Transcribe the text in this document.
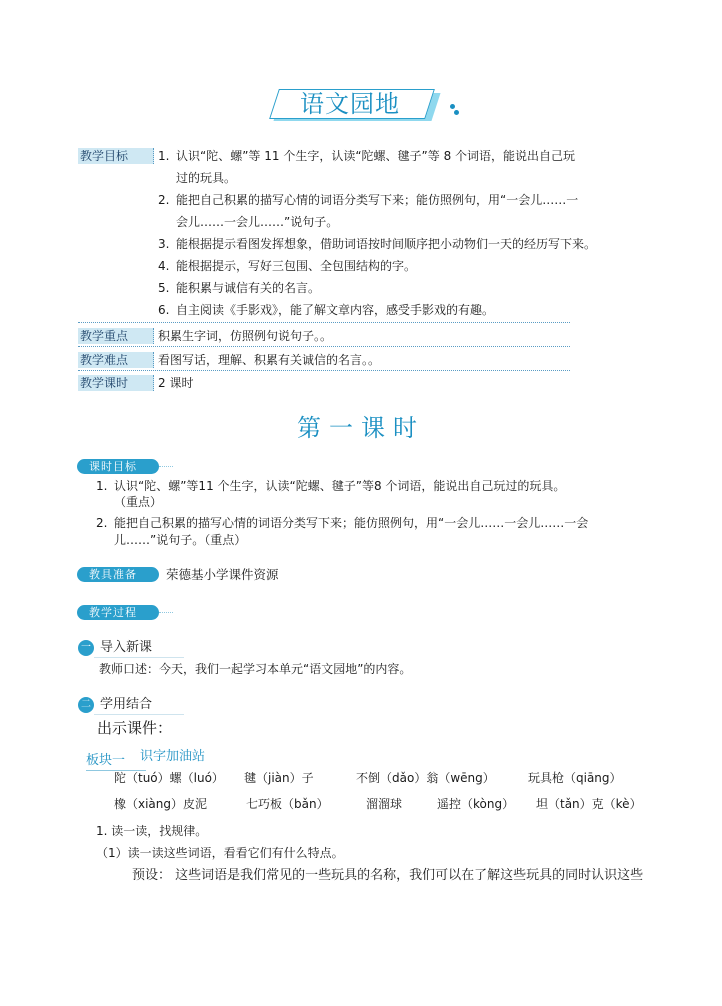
语文园地
教学目标	1. 认识“陀、螺”等 11 个生字，认读“陀螺、毽子”等 8 个词语，能说出自己玩
过的玩具。
2. 能把自己积累的描写心情的词语分类写下来；能仿照例句，用“一会儿……一
会儿……一会儿……”说句子。
3. 能根据提示看图发挥想象，借助词语按时间顺序把小动物们一天的经历写下来。
4. 能根据提示，写好三包围、全包围结构的字。
5. 能积累与诚信有关的名言。
6. 自主阅读《手影戏》，能了解文章内容，感受手影戏的有趣。
教学重点	积累生字词，仿照例句说句子。。
教学难点	看图写话，理解、积累有关诚信的名言。。
教学课时	2 课时
第一课时
课时目标
1. 认识“陀、螺”等11 个生字，认读“陀螺、毽子”等8 个词语，能说出自己玩过的玩具。
（重点）
2. 能把自己积累的描写心情的词语分类写下来；能仿照例句，用“一会儿……一会儿……一会
儿……”说句子。（重点）
教具准备	荣德基小学课件资源
教学过程
一 导入新课
教师口述：今天，我们一起学习本单元“语文园地”的内容。
二 学用结合
出示课件：
板块一 识字加油站
陀（tuó）螺（luó） 毽（jiàn）子	不倒（dǎo）翁（wēng）	玩具枪（qiāng）
橡（xiàng）皮泥	七巧板（bǎn）	溜溜球	遥控（kòng） 坦（tǎn）克（kè）
1. 读一读，找规律。
（1）读一读这些词语，看看它们有什么特点。
预设： 这些词语是我们常见的一些玩具的名称，我们可以在了解这些玩具的同时认识这些
